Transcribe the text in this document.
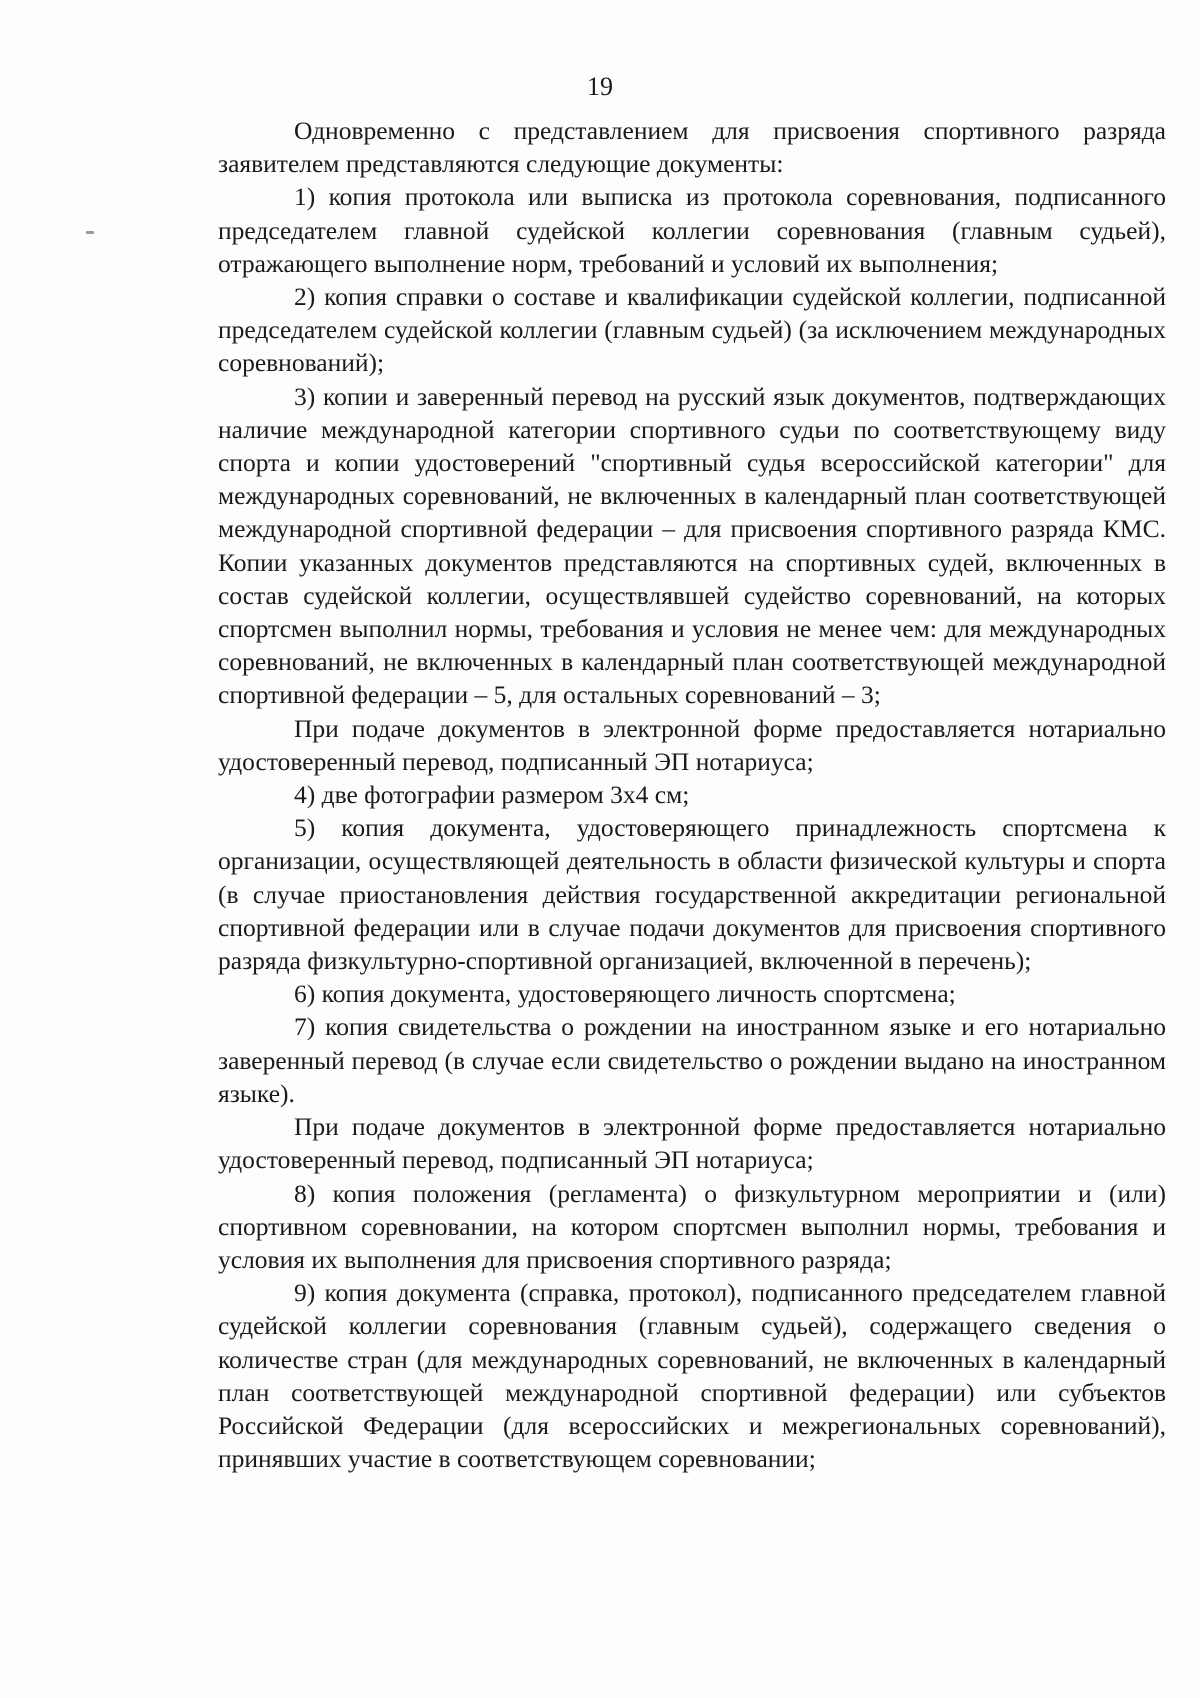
19

Одновременно с представлением для присвоения спортивного разряда заявителем представляются следующие документы:

1) копия протокола или выписка из протокола соревнования, подписанного председателем главной судейской коллегии соревнования (главным судьей), отражающего выполнение норм, требований и условий их выполнения;

2) копия справки о составе и квалификации судейской коллегии, подписанной председателем судейской коллегии (главным судьей) (за исключением международных соревнований);

3) копии и заверенный перевод на русский язык документов, подтверждающих наличие международной категории спортивного судьи по соответствующему виду спорта и копии удостоверений "спортивный судья всероссийской категории" для международных соревнований, не включенных в календарный план соответствующей международной спортивной федерации – для присвоения спортивного разряда КМС. Копии указанных документов представляются на спортивных судей, включенных в состав судейской коллегии, осуществлявшей судейство соревнований, на которых спортсмен выполнил нормы, требования и условия не менее чем: для международных соревнований, не включенных в календарный план соответствующей международной спортивной федерации – 5, для остальных соревнований – 3;

При подаче документов в электронной форме предоставляется нотариально удостоверенный перевод, подписанный ЭП нотариуса;

4) две фотографии размером 3x4 см;

5) копия документа, удостоверяющего принадлежность спортсмена к организации, осуществляющей деятельность в области физической культуры и спорта (в случае приостановления действия государственной аккредитации региональной спортивной федерации или в случае подачи документов для присвоения спортивного разряда физкультурно-спортивной организацией, включенной в перечень);

6) копия документа, удостоверяющего личность спортсмена;

7) копия свидетельства о рождении на иностранном языке и его нотариально заверенный перевод (в случае если свидетельство о рождении выдано на иностранном языке).

При подаче документов в электронной форме предоставляется нотариально удостоверенный перевод, подписанный ЭП нотариуса;

8) копия положения (регламента) о физкультурном мероприятии и (или) спортивном соревновании, на котором спортсмен выполнил нормы, требования и условия их выполнения для присвоения спортивного разряда;

9) копия документа (справка, протокол), подписанного председателем главной судейской коллегии соревнования (главным судьей), содержащего сведения о количестве стран (для международных соревнований, не включенных в календарный план соответствующей международной спортивной федерации) или субъектов Российской Федерации (для всероссийских и межрегиональных соревнований), принявших участие в соответствующем соревновании;
